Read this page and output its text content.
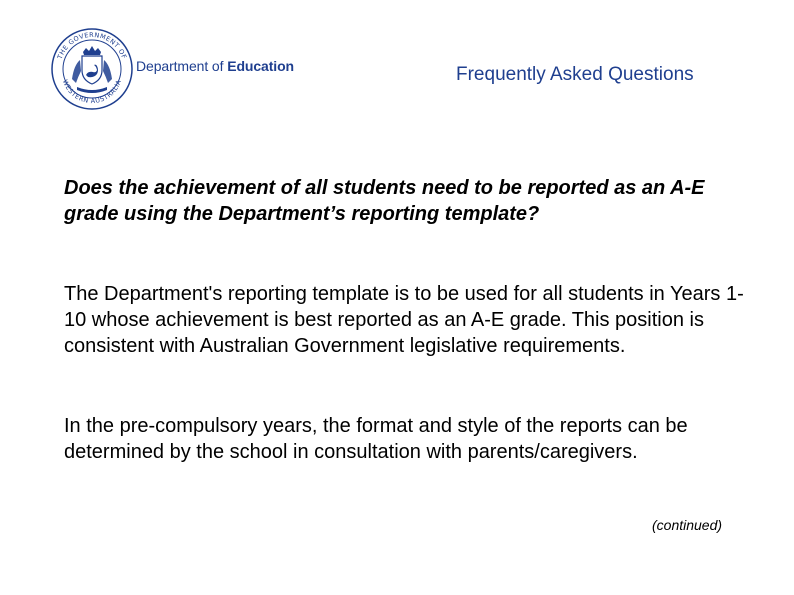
THE GOVERNMENT OF
WESTERN AUSTRALIA
Department of Education	Frequently Asked Questions

Does the achievement of all students need to be reported as an A-E grade using the Department’s reporting template?

The Department's reporting template is to be used for all students in Years 1-10 whose achievement is best reported as an A-E grade. This position is consistent with Australian Government legislative requirements.

In the pre-compulsory years, the format and style of the reports can be determined by the school in consultation with parents/caregivers.

(continued)
